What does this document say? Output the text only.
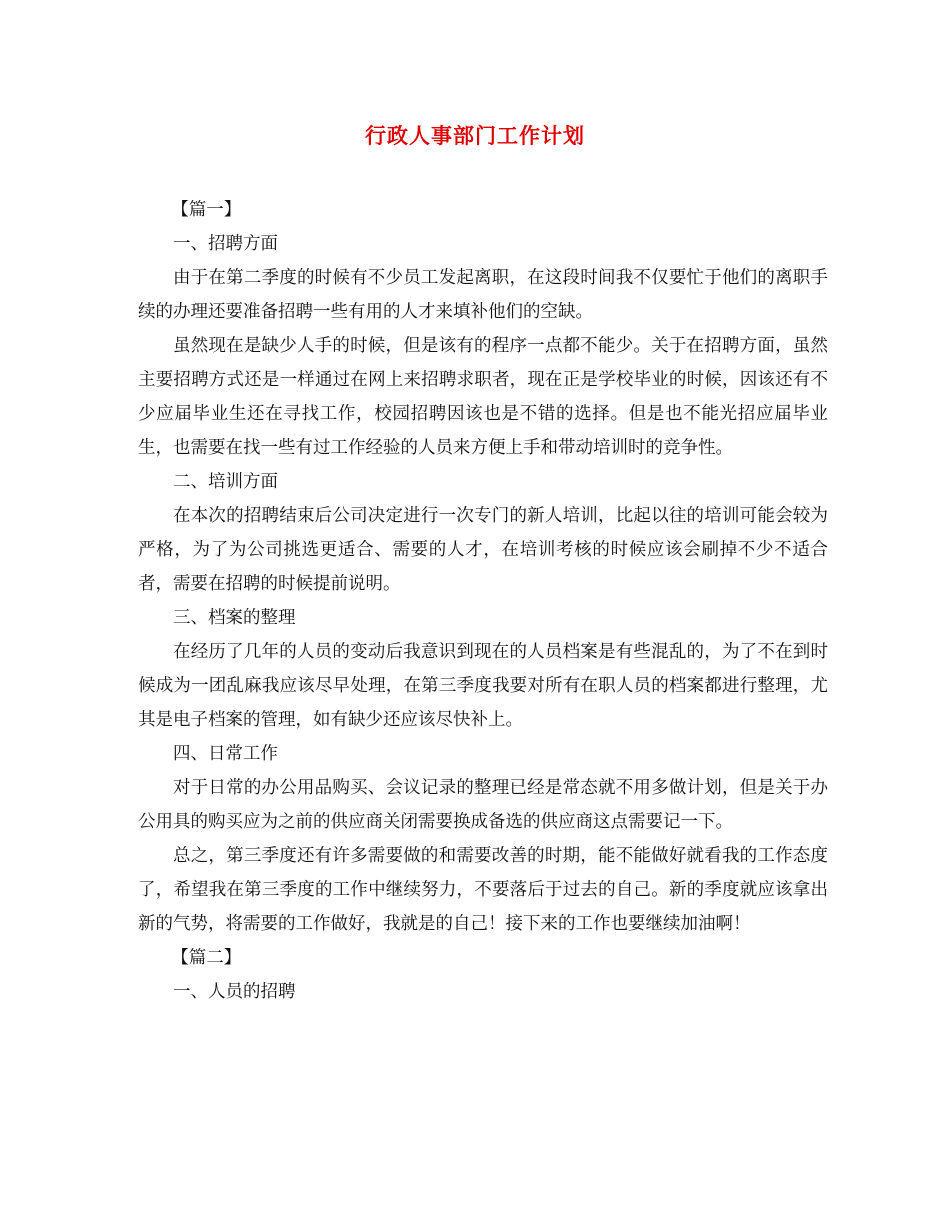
行政人事部门工作计划

【篇一】

一、招聘方面

由于在第二季度的时候有不少员工发起离职，在这段时间我不仅要忙于他们的离职手续的办理还要准备招聘一些有用的人才来填补他们的空缺。

虽然现在是缺少人手的时候，但是该有的程序一点都不能少。关于在招聘方面，虽然主要招聘方式还是一样通过在网上来招聘求职者，现在正是学校毕业的时候，因该还有不少应届毕业生还在寻找工作，校园招聘因该也是不错的选择。但是也不能光招应届毕业生，也需要在找一些有过工作经验的人员来方便上手和带动培训时的竞争性。

二、培训方面

在本次的招聘结束后公司决定进行一次专门的新人培训，比起以往的培训可能会较为严格，为了为公司挑选更适合、需要的人才，在培训考核的时候应该会刷掉不少不适合者，需要在招聘的时候提前说明。

三、档案的整理

在经历了几年的人员的变动后我意识到现在的人员档案是有些混乱的，为了不在到时候成为一团乱麻我应该尽早处理，在第三季度我要对所有在职人员的档案都进行整理，尤其是电子档案的管理，如有缺少还应该尽快补上。

四、日常工作

对于日常的办公用品购买、会议记录的整理已经是常态就不用多做计划，但是关于办公用具的购买应为之前的供应商关闭需要换成备选的供应商这点需要记一下。

总之，第三季度还有许多需要做的和需要改善的时期，能不能做好就看我的工作态度了，希望我在第三季度的工作中继续努力，不要落后于过去的自己。新的季度就应该拿出新的气势，将需要的工作做好，我就是的自己！接下来的工作也要继续加油啊！

【篇二】

一、人员的招聘
